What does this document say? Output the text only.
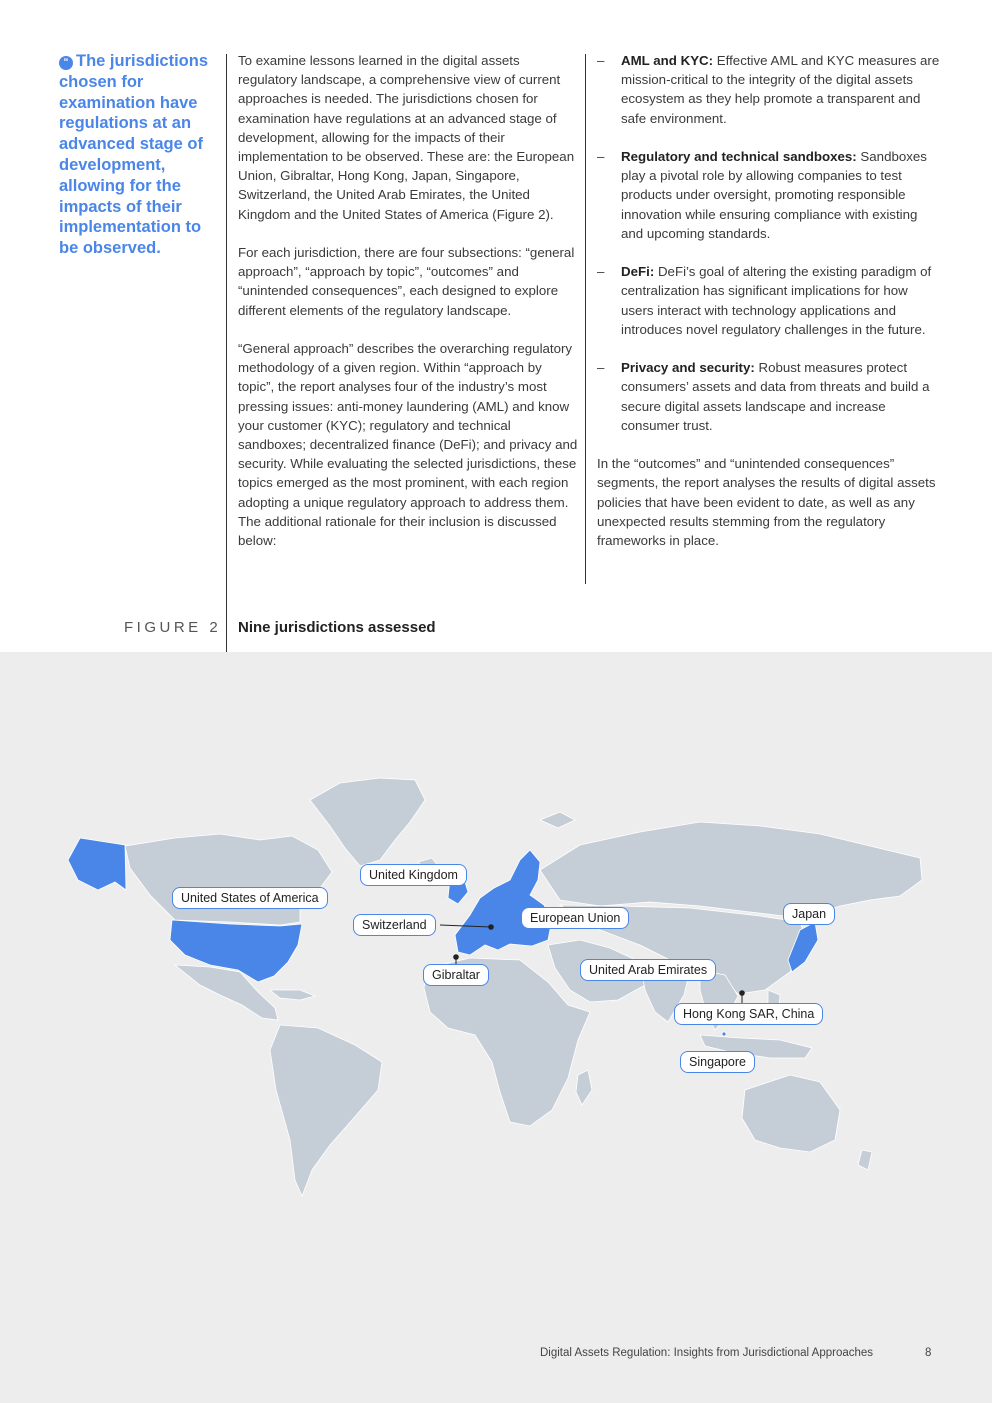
“ The jurisdictions chosen for examination have regulations at an advanced stage of development, allowing for the impacts of their implementation to be observed.

To examine lessons learned in the digital assets regulatory landscape, a comprehensive view of current approaches is needed. The jurisdictions chosen for examination have regulations at an advanced stage of development, allowing for the impacts of their implementation to be observed. These are: the European Union, Gibraltar, Hong Kong, Japan, Singapore, Switzerland, the United Arab Emirates, the United Kingdom and the United States of America (Figure 2).

For each jurisdiction, there are four subsections: “general approach”, “approach by topic”, “outcomes” and “unintended consequences”, each designed to explore different elements of the regulatory landscape.

“General approach” describes the overarching regulatory methodology of a given region. Within “approach by topic”, the report analyses four of the industry’s most pressing issues: anti-money laundering (AML) and know your customer (KYC); regulatory and technical sandboxes; decentralized finance (DeFi); and privacy and security. While evaluating the selected jurisdictions, these topics emerged as the most prominent, with each region adopting a unique regulatory approach to address them. The additional rationale for their inclusion is discussed below:

– AML and KYC: Effective AML and KYC measures are mission-critical to the integrity of the digital assets ecosystem as they help promote a transparent and safe environment.
– Regulatory and technical sandboxes: Sandboxes play a pivotal role by allowing companies to test products under oversight, promoting responsible innovation while ensuring compliance with existing and upcoming standards.
– DeFi: DeFi’s goal of altering the existing paradigm of centralization has significant implications for how users interact with technology applications and introduces novel regulatory challenges in the future.
– Privacy and security: Robust measures protect consumers’ assets and data from threats and build a secure digital assets landscape and increase consumer trust.

In the “outcomes” and “unintended consequences” segments, the report analyses the results of digital assets policies that have been evident to date, as well as any unexpected results stemming from the regulatory frameworks in place.

FIGURE 2 Nine jurisdictions assessed
United States of America
United Kingdom
Switzerland	European Union
Gibraltar	United Arab Emirates
Japan
Hong Kong SAR, China
Singapore
Digital Assets Regulation: Insights from Jurisdictional Approaches	8
